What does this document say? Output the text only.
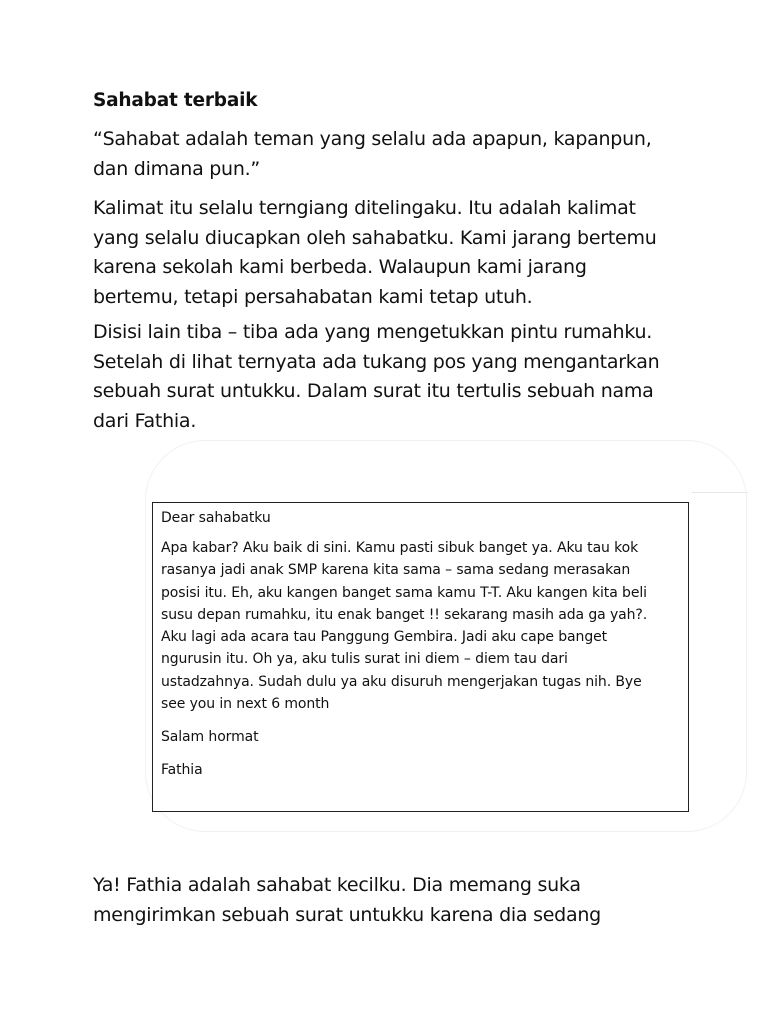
Sahabat terbaik

“Sahabat adalah teman yang selalu ada apapun, kapanpun,
dan dimana pun.”

Kalimat itu selalu terngiang ditelingaku. Itu adalah kalimat
yang selalu diucapkan oleh sahabatku. Kami jarang bertemu
karena sekolah kami berbeda. Walaupun kami jarang
bertemu, tetapi persahabatan kami tetap utuh.

Disisi lain tiba – tiba ada yang mengetukkan pintu rumahku.
Setelah di lihat ternyata ada tukang pos yang mengantarkan
sebuah surat untukku. Dalam surat itu tertulis sebuah nama
dari Fathia.

Dear sahabatku

Apa kabar? Aku baik di sini. Kamu pasti sibuk banget ya. Aku tau kok
rasanya jadi anak SMP karena kita sama – sama sedang merasakan
posisi itu. Eh, aku kangen banget sama kamu T-T. Aku kangen kita beli
susu depan rumahku, itu enak banget !! sekarang masih ada ga yah?.
Aku lagi ada acara tau Panggung Gembira. Jadi aku cape banget
ngurusin itu. Oh ya, aku tulis surat ini diem – diem tau dari
ustadzahnya. Sudah dulu ya aku disuruh mengerjakan tugas nih. Bye
see you in next 6 month

Salam hormat

Fathia

Ya! Fathia adalah sahabat kecilku. Dia memang suka
mengirimkan sebuah surat untukku karena dia sedang
